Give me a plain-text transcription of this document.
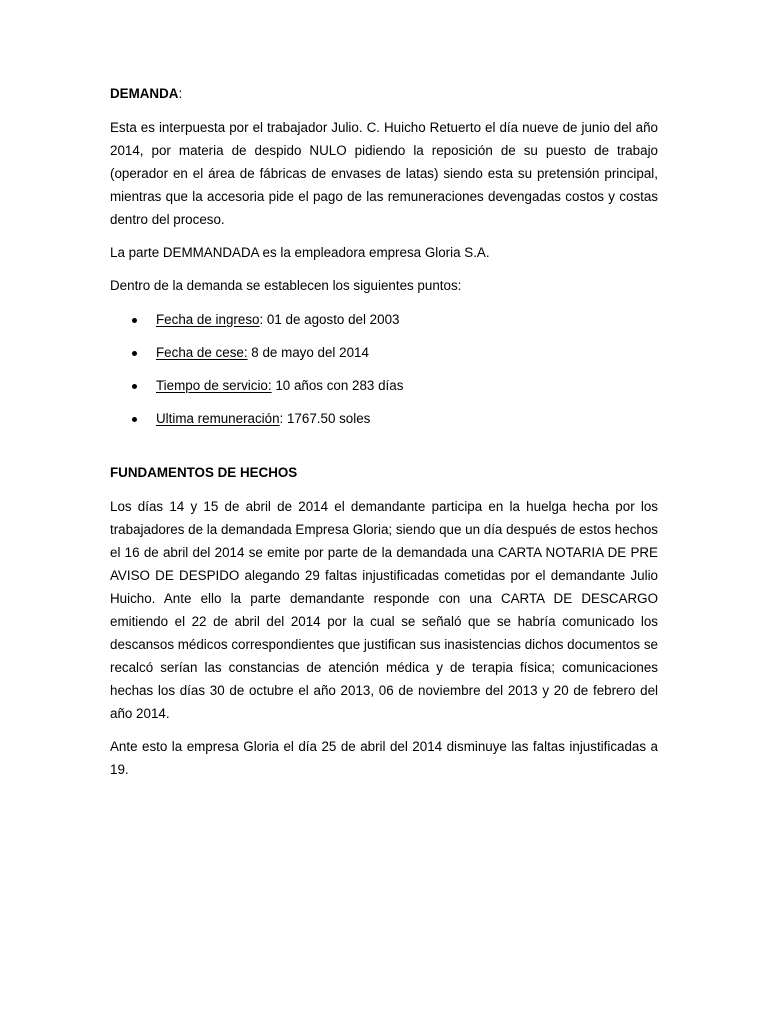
DEMANDA:

Esta es interpuesta por el trabajador Julio. C. Huicho Retuerto el día nueve de junio del año 2014, por materia de despido NULO pidiendo la reposición de su puesto de trabajo (operador en el área de fábricas de envases de latas) siendo esta su pretensión principal, mientras que la accesoria pide el pago de las remuneraciones devengadas costos y costas dentro del proceso.

La parte DEMMANDADA es la empleadora empresa Gloria S.A.

Dentro de la demanda se establecen los siguientes puntos:

Fecha de ingreso: 01 de agosto del 2003
Fecha de cese: 8 de mayo del 2014
Tiempo de servicio: 10 años con 283 días
Ultima remuneración: 1767.50 soles

FUNDAMENTOS DE HECHOS

Los días 14 y 15 de abril de 2014 el demandante participa en la huelga hecha por los trabajadores de la demandada Empresa Gloria; siendo que un día después de estos hechos el 16 de abril del 2014 se emite por parte de la demandada una CARTA NOTARIA DE PRE AVISO DE DESPIDO alegando 29 faltas injustificadas cometidas por el demandante Julio Huicho. Ante ello la parte demandante responde con una CARTA DE DESCARGO emitiendo el 22 de abril del 2014 por la cual se señaló que se habría comunicado los descansos médicos correspondientes que justifican sus inasistencias dichos documentos se recalcó serían las constancias de atención médica y de terapia física; comunicaciones hechas los días 30 de octubre el año 2013, 06 de noviembre del 2013 y 20 de febrero del año 2014.

Ante esto la empresa Gloria el día 25 de abril del 2014 disminuye las faltas injustificadas a 19.
